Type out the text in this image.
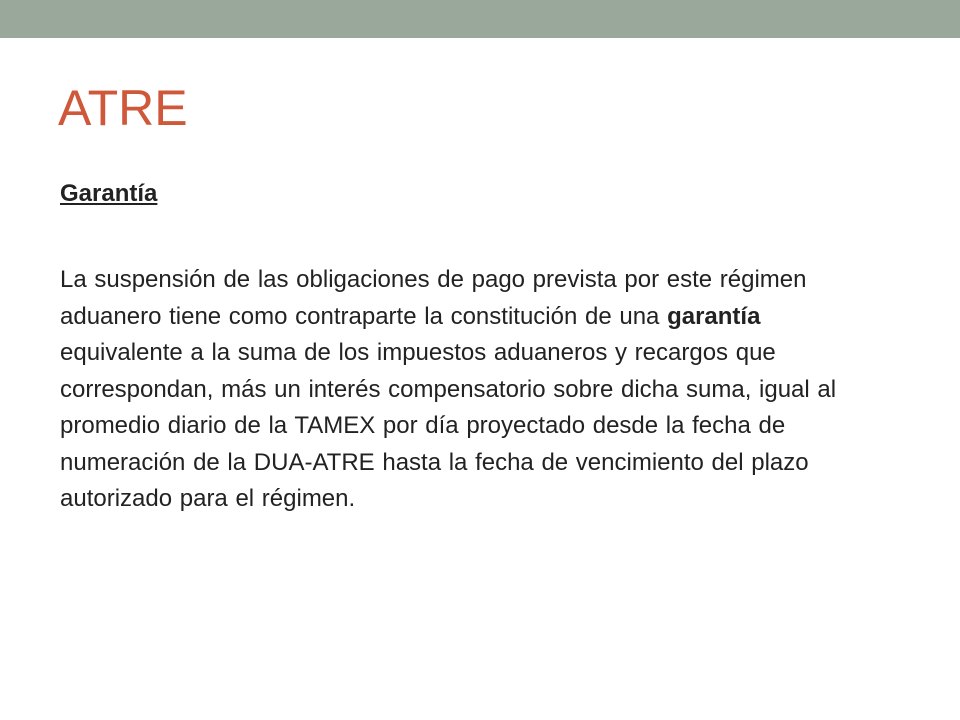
ATRE

Garantía

La suspensión de las obligaciones de pago prevista por este régimen aduanero tiene como contraparte la constitución de una garantía equivalente a la suma de los impuestos aduaneros y recargos que correspondan, más un interés compensatorio sobre dicha suma, igual al promedio diario de la TAMEX por día proyectado desde la fecha de numeración de la DUA-ATRE hasta la fecha de vencimiento del plazo autorizado para el régimen.
